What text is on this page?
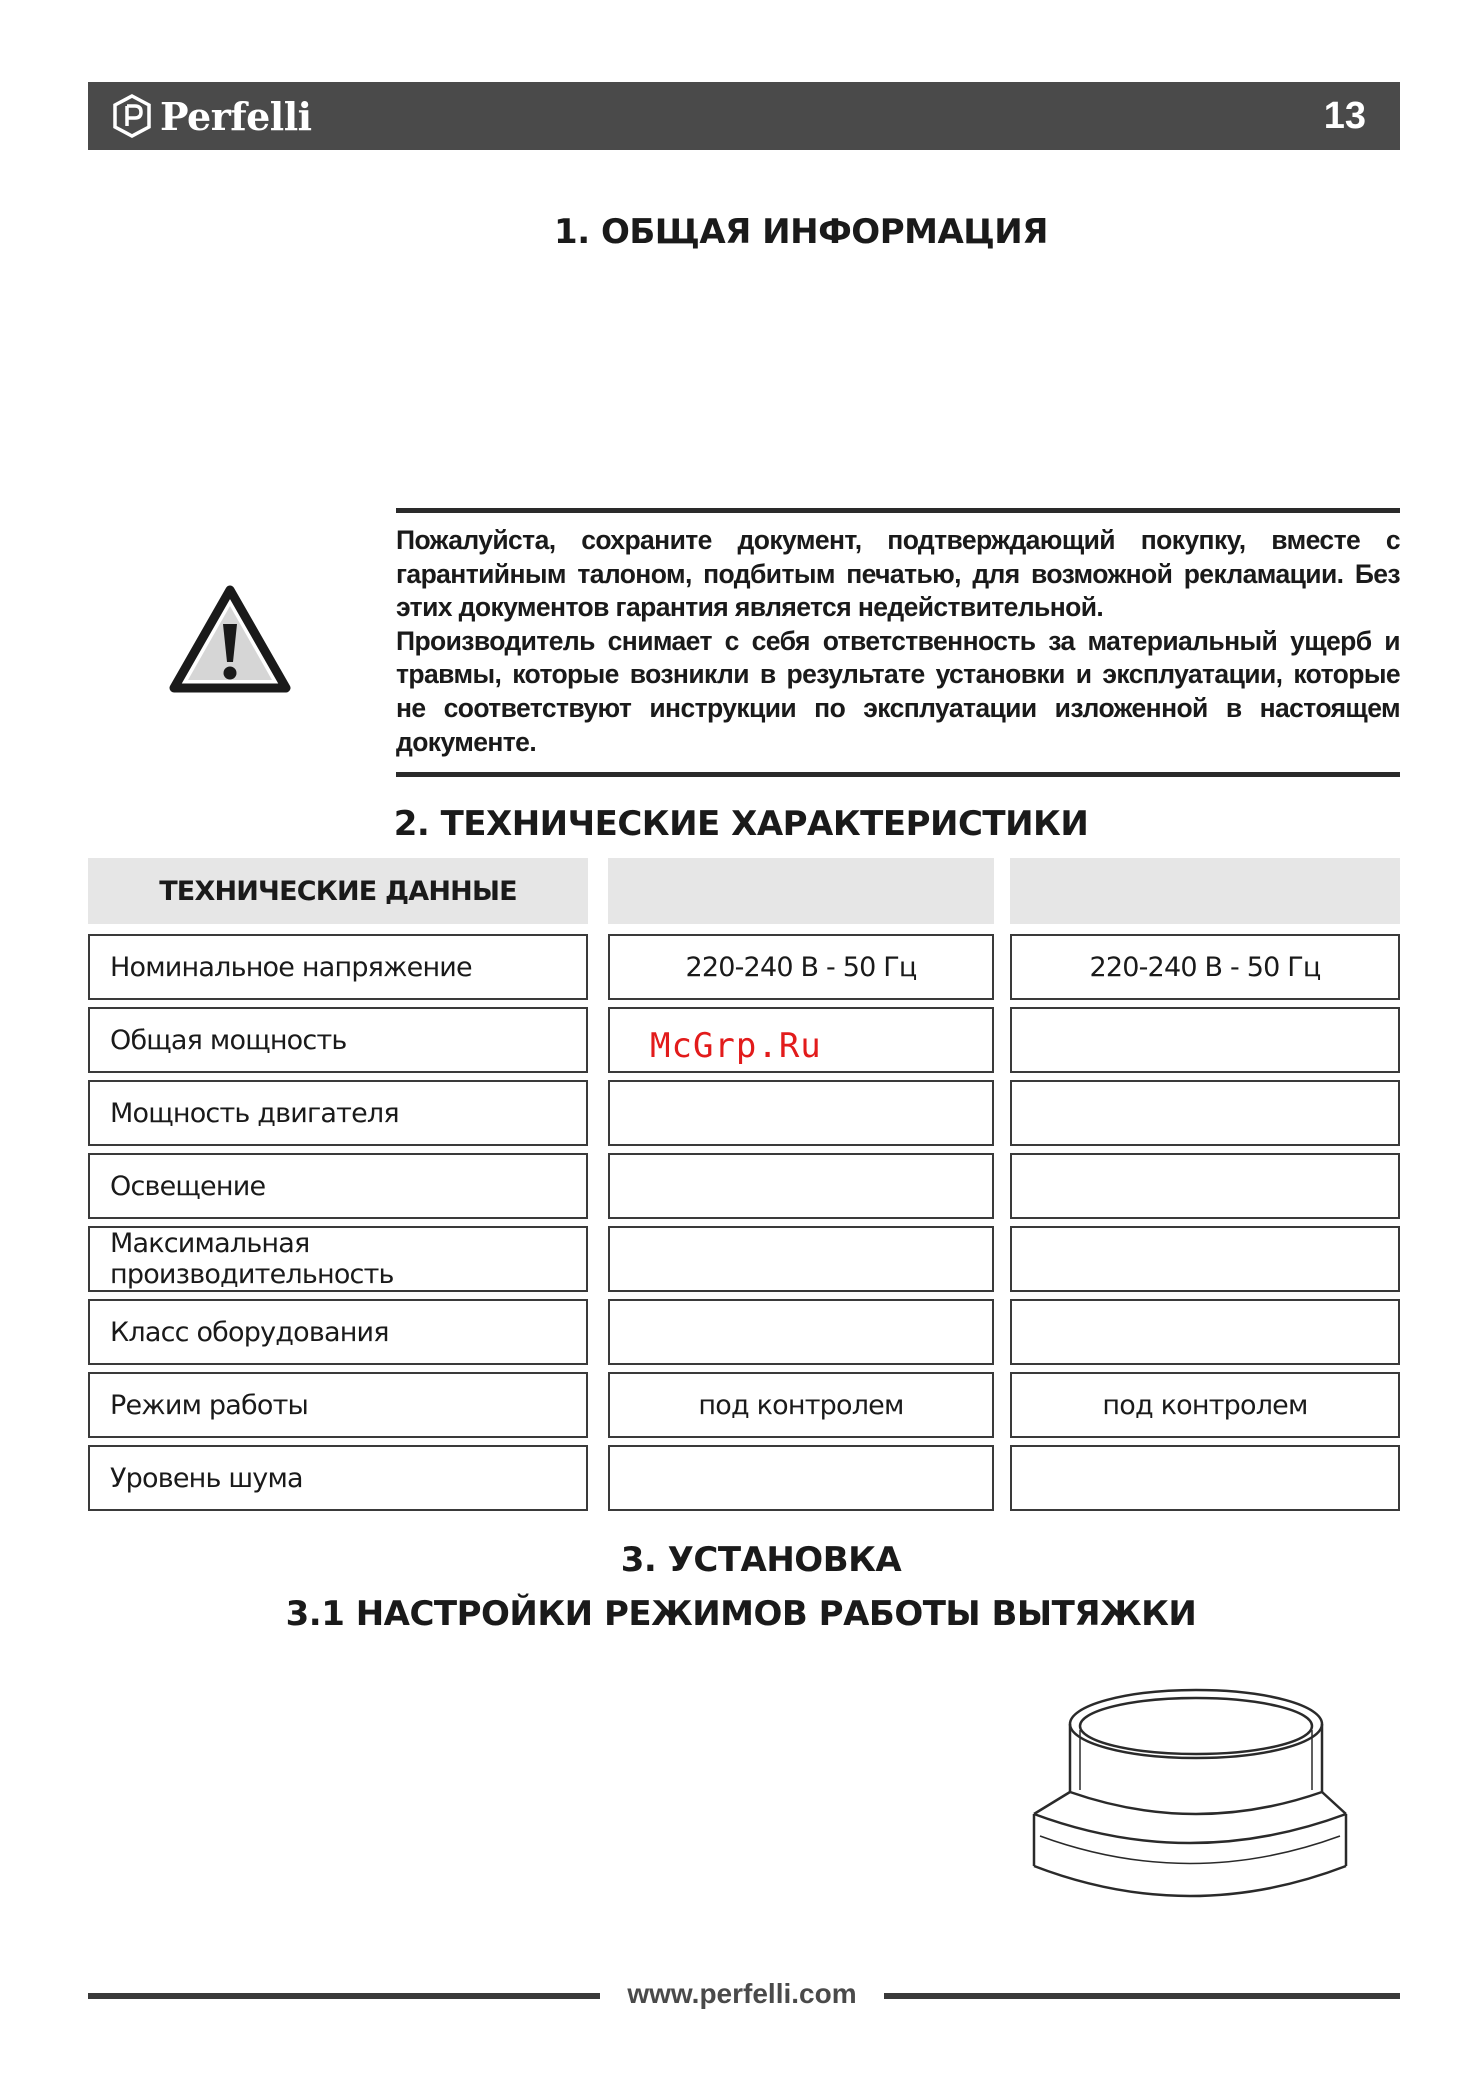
Perfelli	13
1. ОБЩАЯ ИНФОРМАЦИЯ

Пожалуйста, сохраните документ, подтверждающий покупку, вместе с гарантийным талоном, подбитым печатью, для возможной рекламации. Без этих документов гарантия является недействительной.

Производитель снимает с себя ответственность за материальный ущерб и травмы, которые возникли в результате установки и эксплуатации, которые не соответствуют инструкции по эксплуатации изложенной в настоящем документе.

2. ТЕХНИЧЕСКИЕ ХАРАКТЕРИСТИКИ
ТЕХНИЧЕСКИЕ ДАННЫЕ
Номинальное напряжение	220-240 В - 50 Гц	220-240 В - 50 Гц
Общая мощность
Мощность двигателя
Освещение
Максимальная производительность
Класс оборудования
Режим работы	под контролем	под контролем
Уровень шума
McGrp.Ru
3. УСТАНОВКА
3.1 НАСТРОЙКИ РЕЖИМОВ РАБОТЫ ВЫТЯЖКИ
www.perfelli.com
